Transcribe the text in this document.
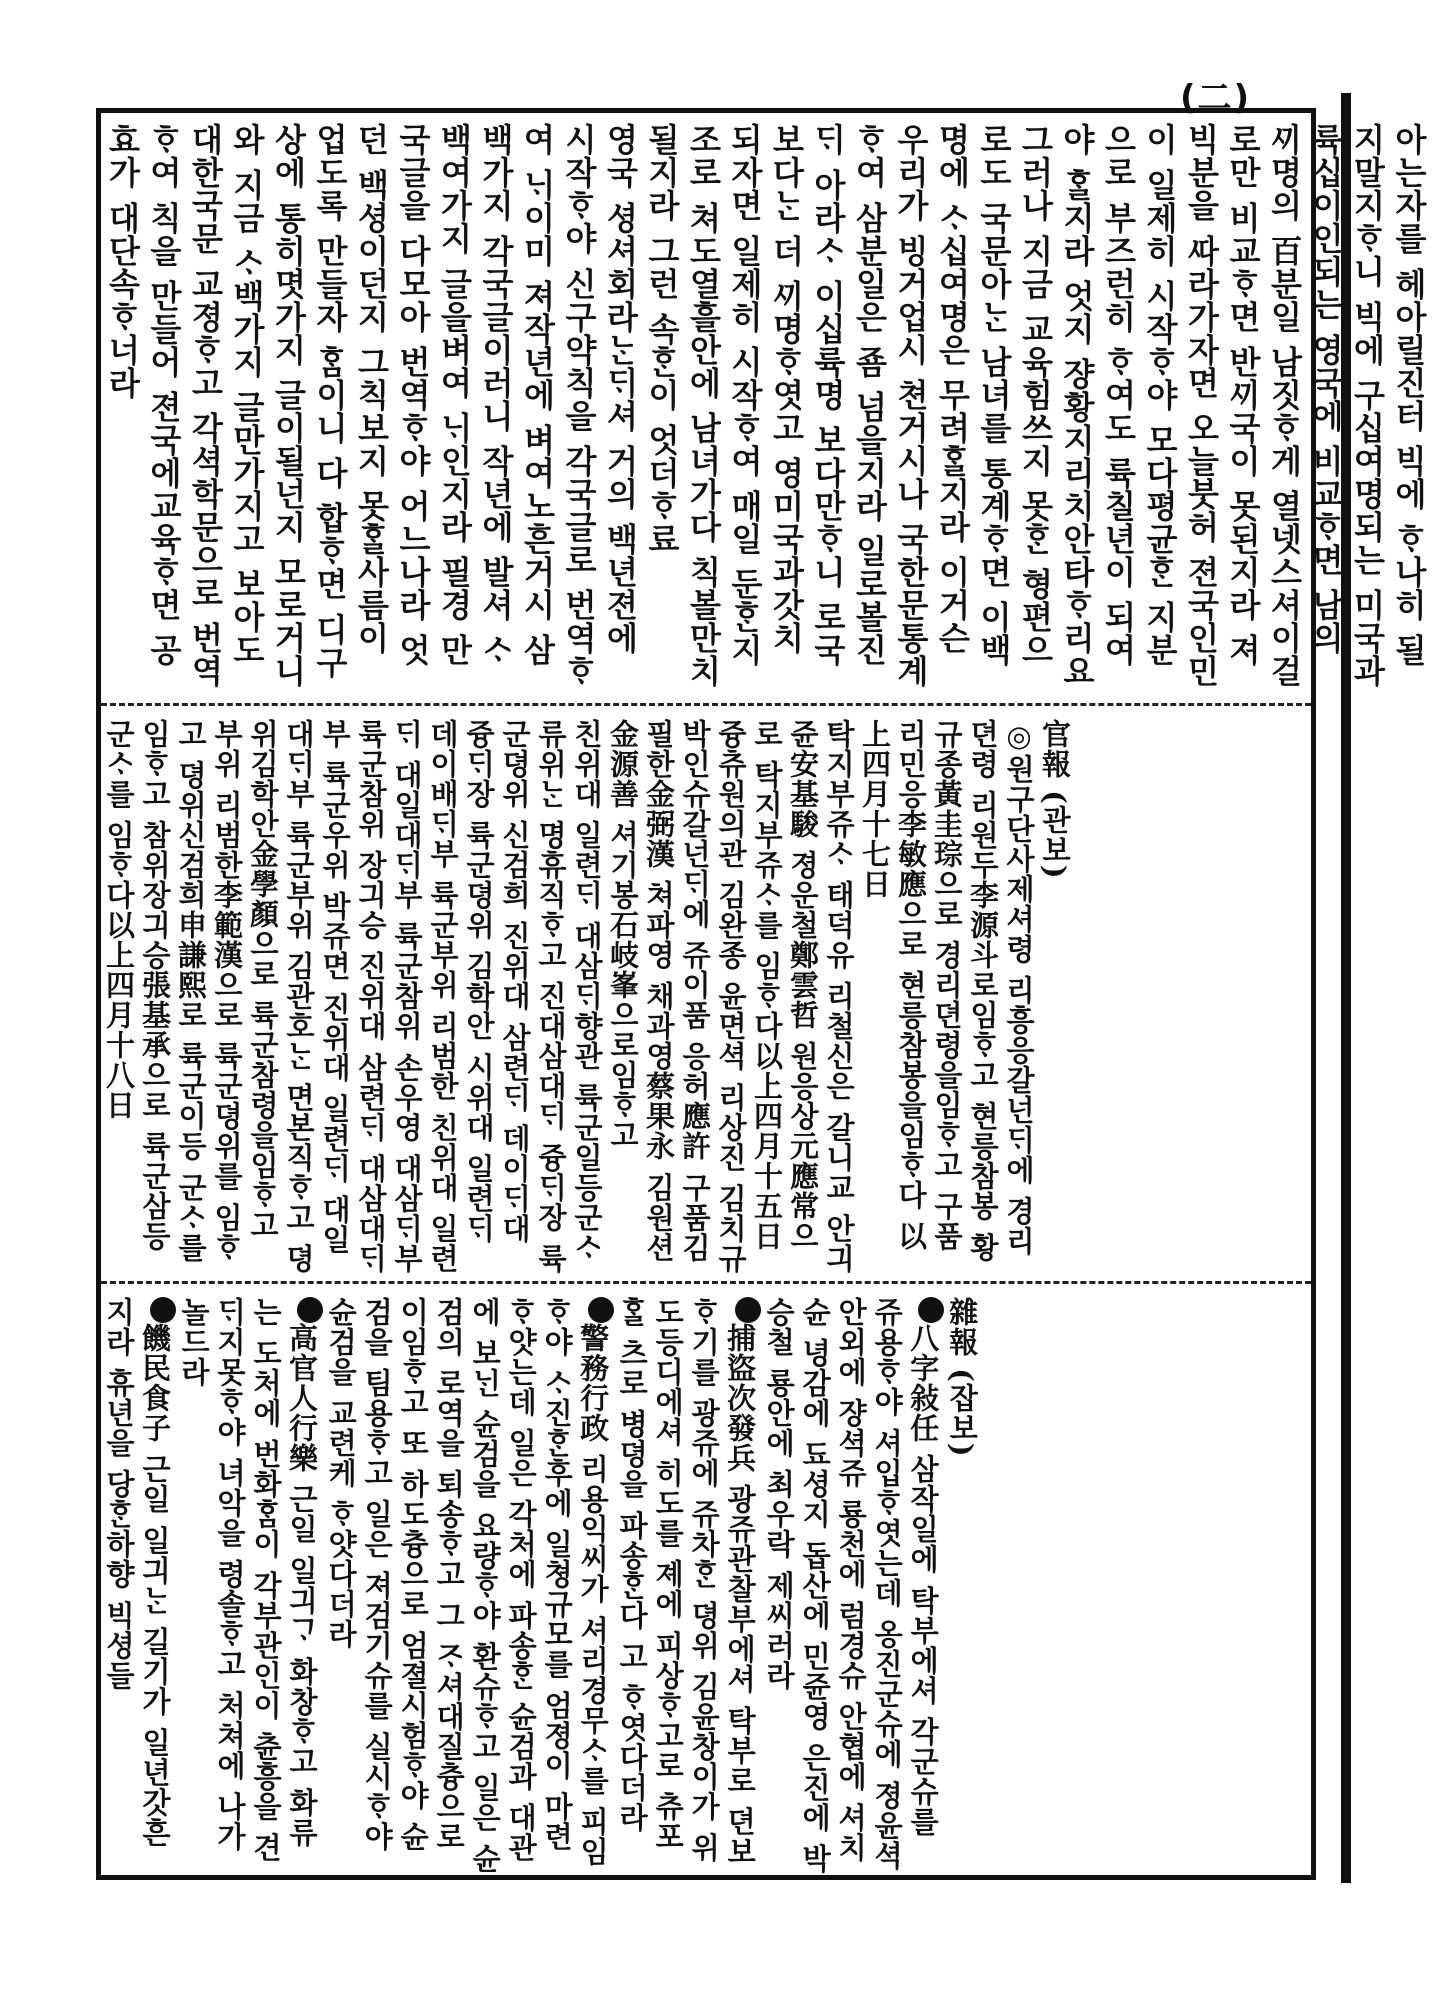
(二)

아는자를 헤아릴진터 빅에 ᄒᆞ나히 될지말지ᄒᆞ니 빅에 구십여명되는 미국과 륙십이인되는 영국에 비교ᄒᆞ면 남의 ᄭᅵ명의 百분일 남짓ᄒᆞ게 열넷스셔이걸로만 비교ᄒᆞ면 반ᄭᅵ국이 못된지라 져 빅분을 ᄯᅡ라가자면 오늘붓허 젼국인민이 일제히 시작ᄒᆞ야 모다평균ᄒᆞᆫ 지분으로 부즈런히 ᄒᆞ여도 륙칠년이 되여야 ᄒᆞᆯ지라 엇지 쟝황지리치안타ᄒᆞ리요 그러나 지금 교육힘쓰지 못ᄒᆞᆫ 형편으로도 국문아ᄂᆞᆫ 남녀를 통계ᄒᆞ면 이백명에 ᄉᆞ십여명은 무려ᄒᆞᆯ지라 이거슨 우리가 빙거업시 쳔거시나 국한문통계ᄒᆞ여 삼분일은 죰 넘을지라 일로볼진ᄃᆡ 아라ᄉᆞ 이십륙명 보다만ᄒᆞ니 로국보다ᄂᆞᆫ 더 ᄭᅵ명ᄒᆞ엿고 영미국과갓치 되자면 일제히 시작ᄒᆞ여 매일 둔ᄒᆞᆫ지조로 쳐도열흘안에 남녀가다 칙볼만치 될지라 그런 속ᄒᆞᆫ이 엇더ᄒᆞ료

영국 셩셔회라ᄂᆞᆫᄃᆡ셔 거의 백년젼에 시작ᄒᆞ야 신구약칙을 각국글로 번역ᄒᆞ여 ᄂᆡ이미 져작년에 벼여노흔거시 삼백가지 각국글이러니 작년에 발셔 ᄉᆞ백여가지 글을벼여 ᄂᆡ인지라 필경 만국글을 다모아 번역ᄒᆞ야 어느나라 엇던 백셩이던지 그칙보지 못ᄒᆞᆯ사름이 업도록 만들자 ᄒᆞᆷ이니 다 합ᄒᆞ면 디구상에 통히몃가지 글이될넌지 모로거니와 지금 ᄉᆞ백가지 글만가지고 보아도 대한국문 교졍ᄒᆞ고 각셕학문으로 번역ᄒᆞ여 칙을 만들어 젼국에교육ᄒᆞ면 공효가 대단속ᄒᆞ너라

官報 (관보)

◎원구단사제셔령 리흥응갈넌ᄃᆡ에 경리뎐령 리원두李源斗로임ᄒᆞ고 현릉참봉 황규종黃圭琮으로 경리뎐령을임ᄒᆞ고 구품 리민응李敏應으로 현릉참봉을임ᄒᆞ다 以上四月十七日

탁지부쥬ᄉᆞ 태덕유 리철신은 갈니교 안긔쥰安基駿 졍운철鄭雲哲 원응상元應常으로 탁지부쥬ᄉᆞ를 임ᄒᆞ다以上四月十五日

즁츄원의관 김완종 윤면셕 리상진 김치규 박인슈갈넌ᄃᆡ에 쥬이품 응허應許 구품김필한金弼漢 쳐파영 채과영蔡果永 김원션金源善 셔기봉石岐峯으로임ᄒᆞ고

친위대 일련ᄃᆡ 대삼ᄃᆡ향관 륙군일등군ᄉᆞ 류위ᄂᆞᆫ 명휴직ᄒᆞ고 진대삼대ᄃᆡ 즁ᄃᆡ장 륙군뎡위 신검희 진위대 삼련ᄃᆡ 데이ᄃᆡ대 즁ᄃᆡ장 륙군뎡위 김학안 시위대 일련ᄃᆡ 데이배ᄃᆡ부 륙군부위 리범한 친위대 일련ᄃᆡ 대일대ᄃᆡ부 륙군참위 손우영 대삼ᄃᆡ부 륙군참위 장긔승 진위대 삼련ᄃᆡ 대삼대ᄃᆡ부 륙군우위 박쥬면 진위대 일련ᄃᆡ 대일대ᄃᆡ부 륙군부위 김관호ᄂᆞᆫ 면본직ᄒᆞ고 뎡위김학안金學顏으로 륙군참령을임ᄒᆞ고 부위 리범한李範漢으로 륙군뎡위를 임ᄒᆞ고 뎡위신검희申謙熙로 륙군이등 군ᄉᆞ를 임ᄒᆞ고 참위장긔승張基承으로 륙군삼등 군ᄉᆞ를 임ᄒᆞ다以上四月十八日

雜報 (잡보)

八字敍任 삼작일에 탁부에셔 각군슈를 쥬용ᄒᆞ야 셔입ᄒᆞ엿는데 옹진군슈에 졍윤셕 안외에 쟝셕쥬 룡천에 럼경슈 안협에 셔치슌 녕감에 됴셩지 돕산에 민쥰영 은진에 박승철 룡안에 최우락 제씨러라

捕盜次發兵 광쥬관찰부에셔 탁부로 뎐보ᄒᆞ기를 광쥬에 쥬차ᄒᆞᆫ 뎡위 김윤창이가 위도등디에셔 히도를 졔에 피상ᄒᆞ고로 츄포ᄒᆞᆯ 츠로 병뎡을 파송ᄒᆞᆫ다 고 ᄒᆞ엿다더라

警務行政 리용익씨가 셔리경무ᄉᆞ를 피임ᄒᆞ야 ᄉᆞ진ᄒᆞᆫ후에 일쳥규모를 엄졍이 마련ᄒᆞ얏는데 일은 각처에 파송ᄒᆞᆫ 슌검과 대관에 보ᄂᆡᆫ 슌검을 요량ᄒᆞ야 환슈ᄒᆞ고 일은 슌검의 로역을 퇴송ᄒᆞ고 그 ᄌᆞ셔대질츙으로 이임ᄒᆞ고 또 하도츙으로 엄졀시험ᄒᆞ야 슌검을 팀용ᄒᆞ고 일은 져검기슈를 실시ᄒᆞ야 슌검을 교련케 ᄒᆞ얏다더라

高官人行樂 근일 일긔ᄀᆞ 화창ᄒᆞ고 화류는 도처에 번화ᄒᆞᆷ이 각부관인이 츈흥을 견ᄃᆡ지못ᄒᆞ야 녀악을 령솔ᄒᆞ고 처쳐에 나가놀드라

饑民食子 근일 일긔ᄂᆞᆫ 길기가 일년갓흔지라 휴년을 당ᄒᆞᆫ하향 빅셩들
